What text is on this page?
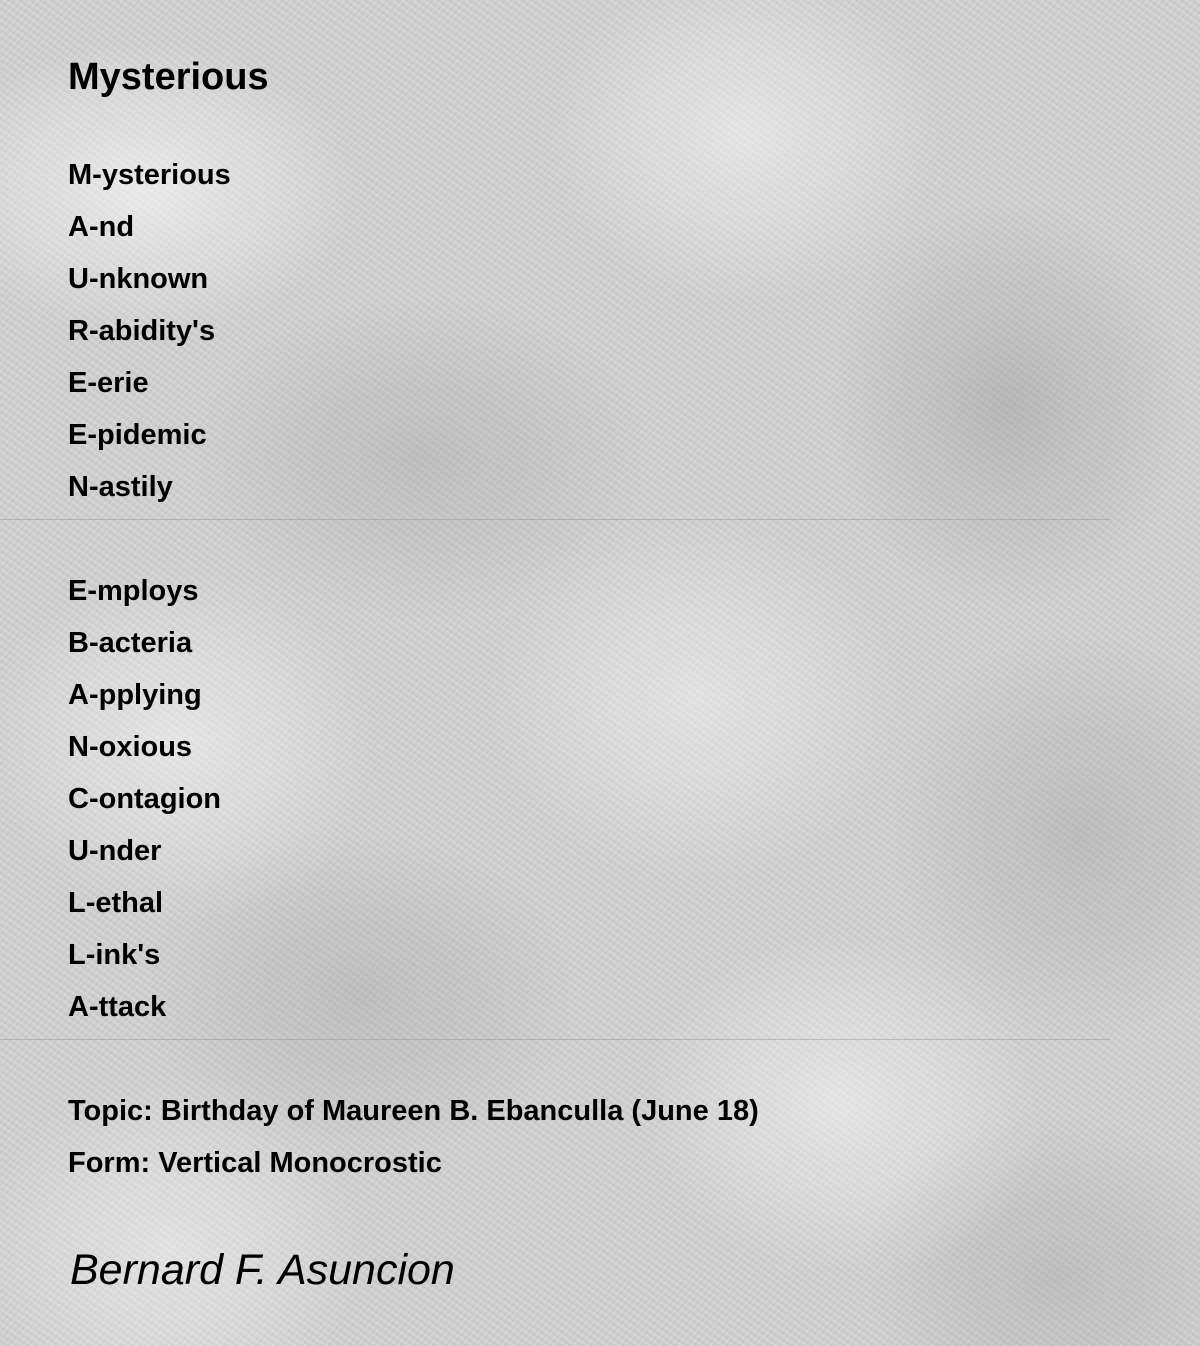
Mysterious
M-ysterious
A-nd
U-nknown
R-abidity's
E-erie
E-pidemic
N-astily
E-mploys
B-acteria
A-pplying
N-oxious
C-ontagion
U-nder
L-ethal
L-ink's
A-ttack
Topic: Birthday of Maureen B. Ebanculla (June 18)
Form: Vertical Monocrostic

Bernard F. Asuncion
